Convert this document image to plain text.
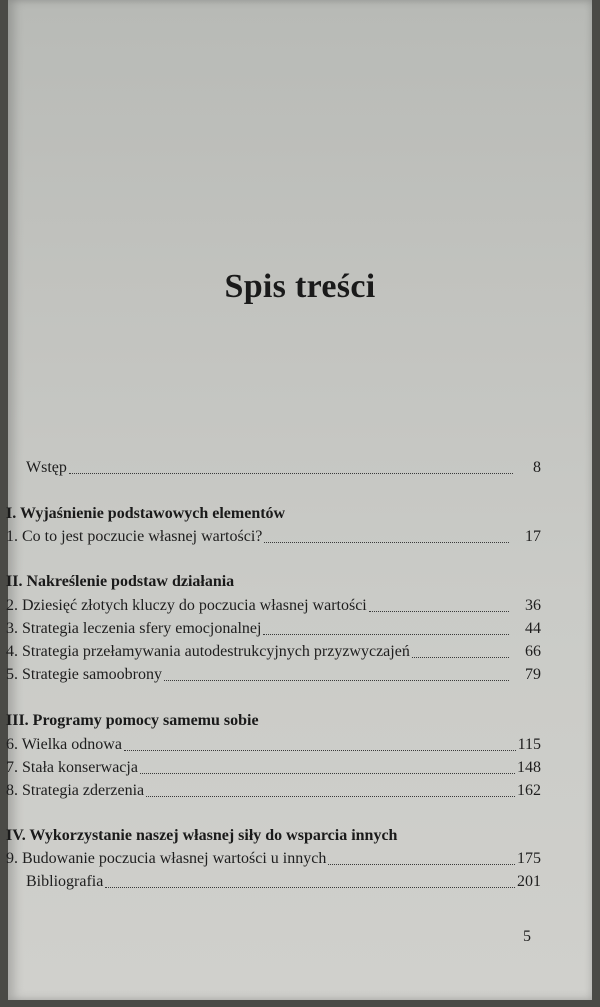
Spis treści
Wstęp	8
I. Wyjaśnienie podstawowych elementów
1. Co to jest poczucie własnej wartości?	17
II. Nakreślenie podstaw działania
2. Dziesięć złotych kluczy do poczucia własnej wartości	36
3. Strategia leczenia sfery emocjonalnej	44
4. Strategia przełamywania autodestrukcyjnych przyzwyczajeń	66
5. Strategie samoobrony	79
III. Programy pomocy samemu sobie
6. Wielka odnowa	115
7. Stała konserwacja	148
8. Strategia zderzenia	162
IV. Wykorzystanie naszej własnej siły do wsparcia innych
9. Budowanie poczucia własnej wartości u innych	175
Bibliografia	201
5
